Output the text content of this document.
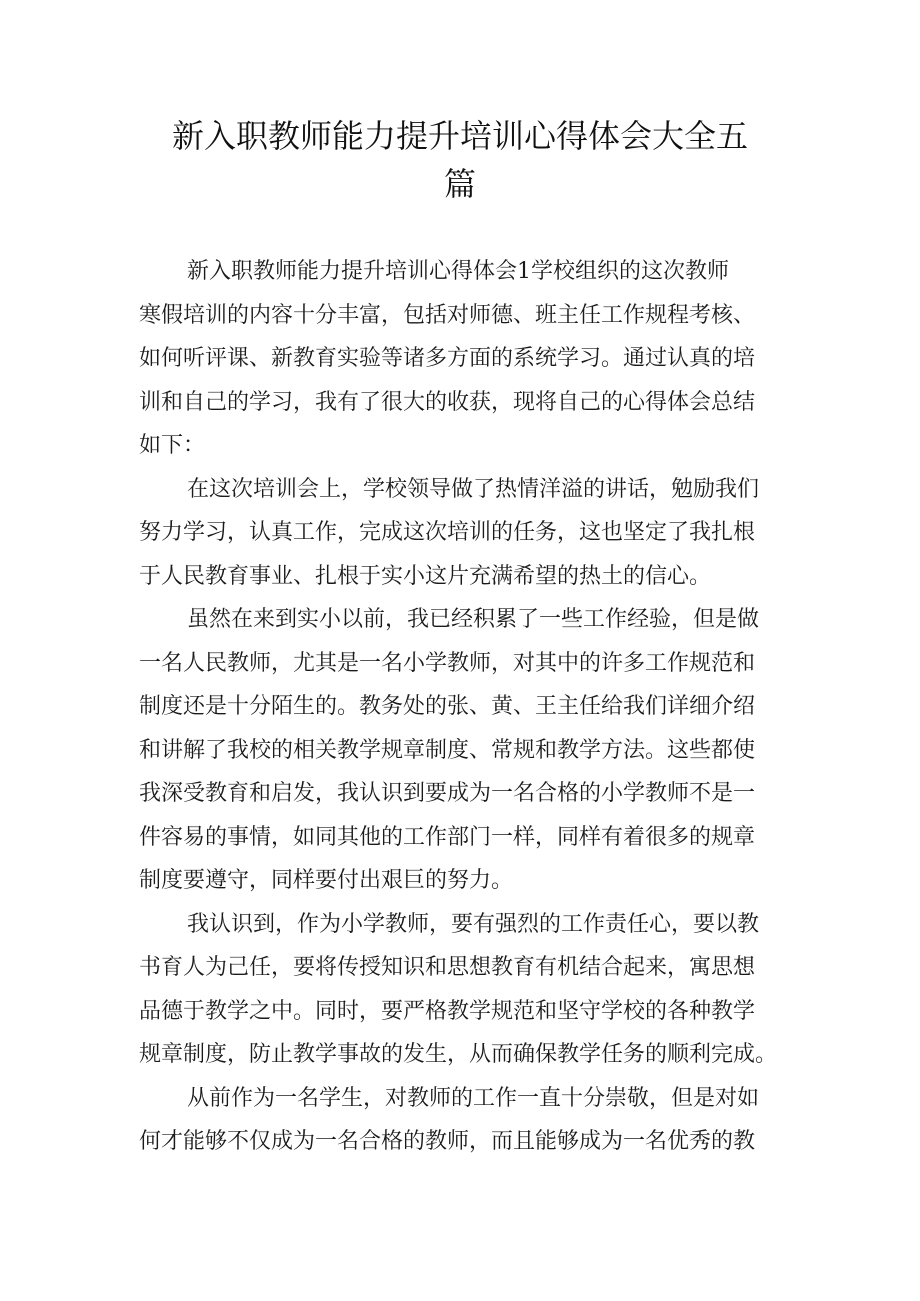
新入职教师能力提升培训心得体会大全五
篇
新入职教师能力提升培训心得体会1学校组织的这次教师
寒假培训的内容十分丰富，包括对师德、班主任工作规程考核、
如何听评课、新教育实验等诸多方面的系统学习。通过认真的培
训和自己的学习，我有了很大的收获，现将自己的心得体会总结
如下：
在这次培训会上，学校领导做了热情洋溢的讲话，勉励我们
努力学习，认真工作，完成这次培训的任务，这也坚定了我扎根
于人民教育事业、扎根于实小这片充满希望的热土的信心。
虽然在来到实小以前，我已经积累了一些工作经验，但是做
一名人民教师，尤其是一名小学教师，对其中的许多工作规范和
制度还是十分陌生的。教务处的张、黄、王主任给我们详细介绍
和讲解了我校的相关教学规章制度、常规和教学方法。这些都使
我深受教育和启发，我认识到要成为一名合格的小学教师不是一
件容易的事情，如同其他的工作部门一样，同样有着很多的规章
制度要遵守，同样要付出艰巨的努力。
我认识到，作为小学教师，要有强烈的工作责任心，要以教
书育人为己任，要将传授知识和思想教育有机结合起来，寓思想
品德于教学之中。同时，要严格教学规范和坚守学校的各种教学
规章制度，防止教学事故的发生，从而确保教学任务的顺利完成。
从前作为一名学生，对教师的工作一直十分崇敬，但是对如
何才能够不仅成为一名合格的教师，而且能够成为一名优秀的教
